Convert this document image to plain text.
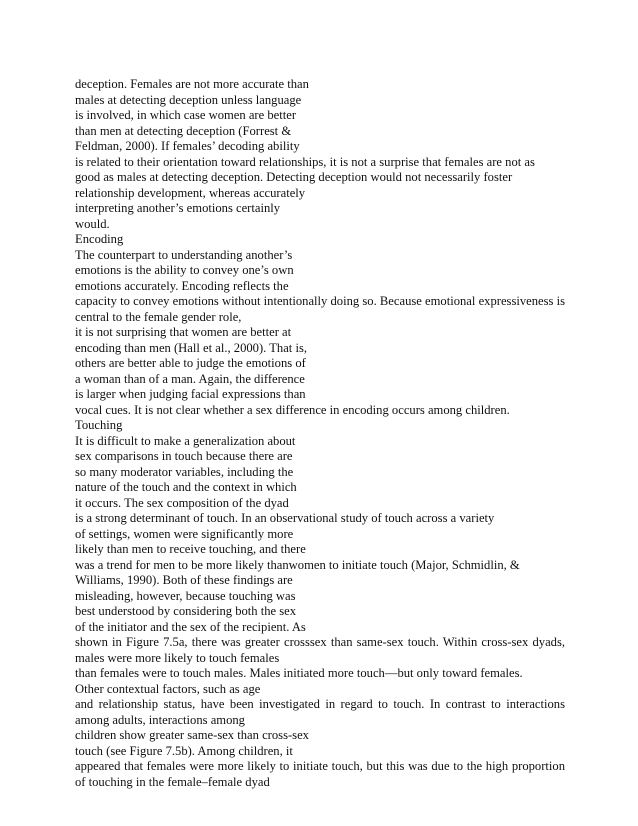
deception. Females are not more accurate than
males at detecting deception unless language
is involved, in which case women are better
than men at detecting deception (Forrest &
Feldman, 2000). If females’ decoding ability
is related to their orientation toward relationships, it is not a surprise that females are not as
good as males at detecting deception. Detecting deception would not necessarily foster
relationship development, whereas accurately
interpreting another’s emotions certainly
would.
Encoding
The counterpart to understanding another’s
emotions is the ability to convey one’s own
emotions accurately. Encoding reflects the
capacity to convey emotions without intentionally doing so. Because emotional expressiveness is
central to the female gender role,
it is not surprising that women are better at
encoding than men (Hall et al., 2000). That is,
others are better able to judge the emotions of
a woman than of a man. Again, the difference
is larger when judging facial expressions than
vocal cues. It is not clear whether a sex difference in encoding occurs among children.
Touching
It is difficult to make a generalization about
sex comparisons in touch because there are
so many moderator variables, including the
nature of the touch and the context in which
it occurs. The sex composition of the dyad
is a strong determinant of touch. In an observational study of touch across a variety
of settings, women were significantly more
likely than men to receive touching, and there
was a trend for men to be more likely thanwomen to initiate touch (Major, Schmidlin, &
Williams, 1990). Both of these findings are
misleading, however, because touching was
best understood by considering both the sex
of the initiator and the sex of the recipient. As
shown in Figure 7.5a, there was greater crosssex than same-sex touch. Within cross-sex dyads,
males were more likely to touch females
than females were to touch males. Males initiated more touch—but only toward females.
Other contextual factors, such as age
and relationship status, have been investigated in regard to touch. In contrast to interactions
among adults, interactions among
children show greater same-sex than cross-sex
touch (see Figure 7.5b). Among children, it
appeared that females were more likely to initiate touch, but this was due to the high proportion
of touching in the female–female dyad
